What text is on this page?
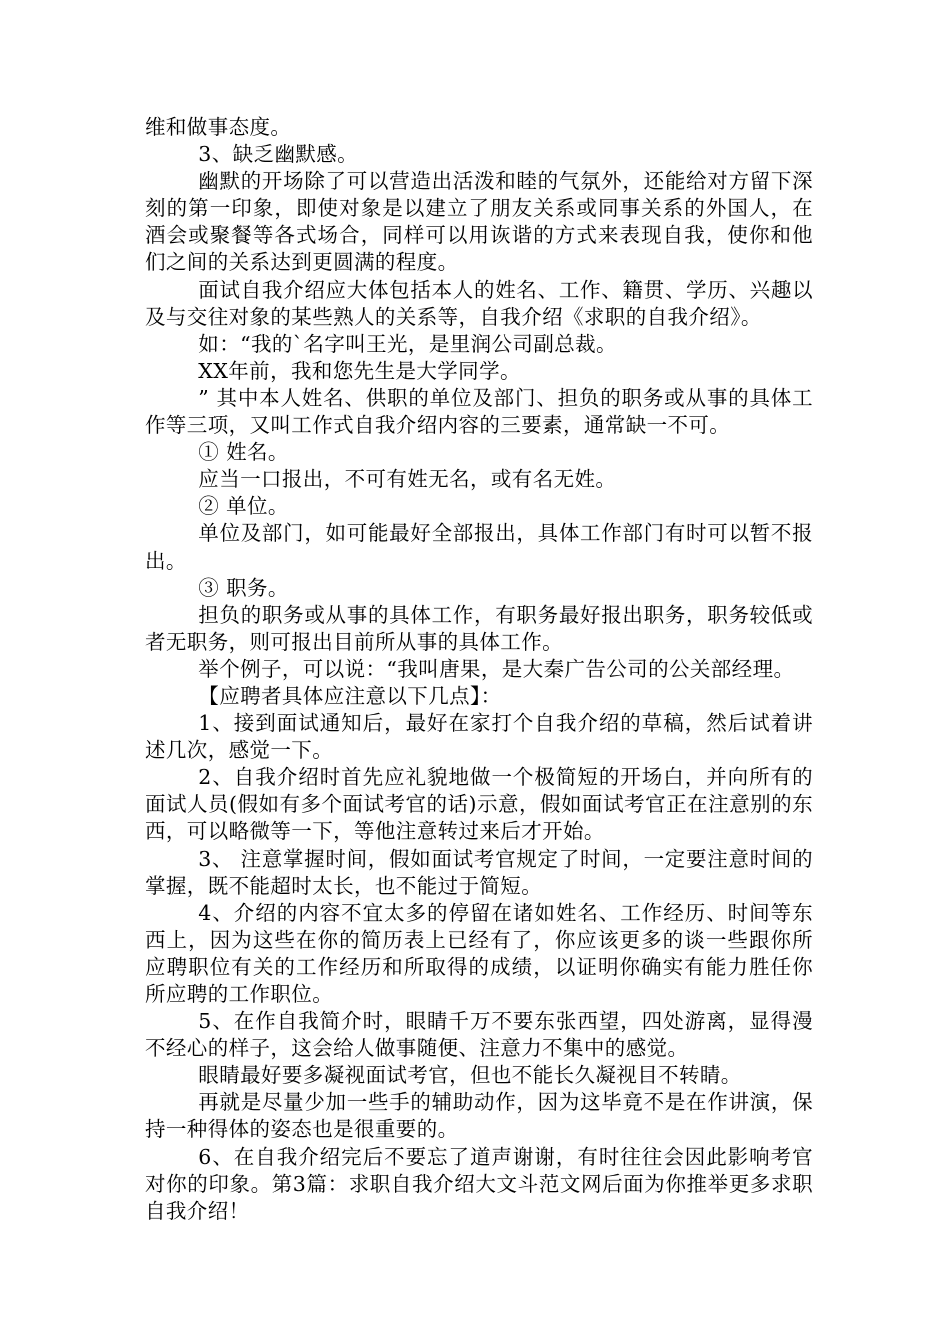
维和做事态度。

3、缺乏幽默感。

幽默的开场除了可以营造出活泼和睦的气氛外，还能给对方留下深刻的第一印象，即使对象是以建立了朋友关系或同事关系的外国人，在酒会或聚餐等各式场合，同样可以用诙谐的方式来表现自我，使你和他们之间的关系达到更圆满的程度。

面试自我介绍应大体包括本人的姓名、工作、籍贯、学历、兴趣以及与交往对象的某些熟人的关系等，自我介绍《求职的自我介绍》。

如：“我的`名字叫王光，是里润公司副总裁。

XX年前，我和您先生是大学同学。

” 其中本人姓名、供职的单位及部门、担负的职务或从事的具体工作等三项，又叫工作式自我介绍内容的三要素，通常缺一不可。

① 姓名。

应当一口报出，不可有姓无名，或有名无姓。

② 单位。

单位及部门，如可能最好全部报出，具体工作部门有时可以暂不报出。

③ 职务。

担负的职务或从事的具体工作，有职务最好报出职务，职务较低或者无职务，则可报出目前所从事的具体工作。

举个例子，可以说：“我叫唐果，是大秦广告公司的公关部经理。

【应聘者具体应注意以下几点】：

1、接到面试通知后，最好在家打个自我介绍的草稿，然后试着讲述几次，感觉一下。

2、自我介绍时首先应礼貌地做一个极简短的开场白，并向所有的面试人员(假如有多个面试考官的话)示意，假如面试考官正在注意别的东西，可以略微等一下，等他注意转过来后才开始。

3、 注意掌握时间，假如面试考官规定了时间，一定要注意时间的掌握，既不能超时太长，也不能过于简短。

4、介绍的内容不宜太多的停留在诸如姓名、工作经历、时间等东西上，因为这些在你的简历表上已经有了，你应该更多的谈一些跟你所应聘职位有关的工作经历和所取得的成绩，以证明你确实有能力胜任你所应聘的工作职位。

5、在作自我简介时，眼睛千万不要东张西望，四处游离，显得漫不经心的样子，这会给人做事随便、注意力不集中的感觉。

眼睛最好要多凝视面试考官，但也不能长久凝视目不转睛。

再就是尽量少加一些手的辅助动作，因为这毕竟不是在作讲演，保持一种得体的姿态也是很重要的。

6、在自我介绍完后不要忘了道声谢谢，有时往往会因此影响考官对你的印象。第3篇：求职自我介绍大文斗范文网后面为你推举更多求职自我介绍！
